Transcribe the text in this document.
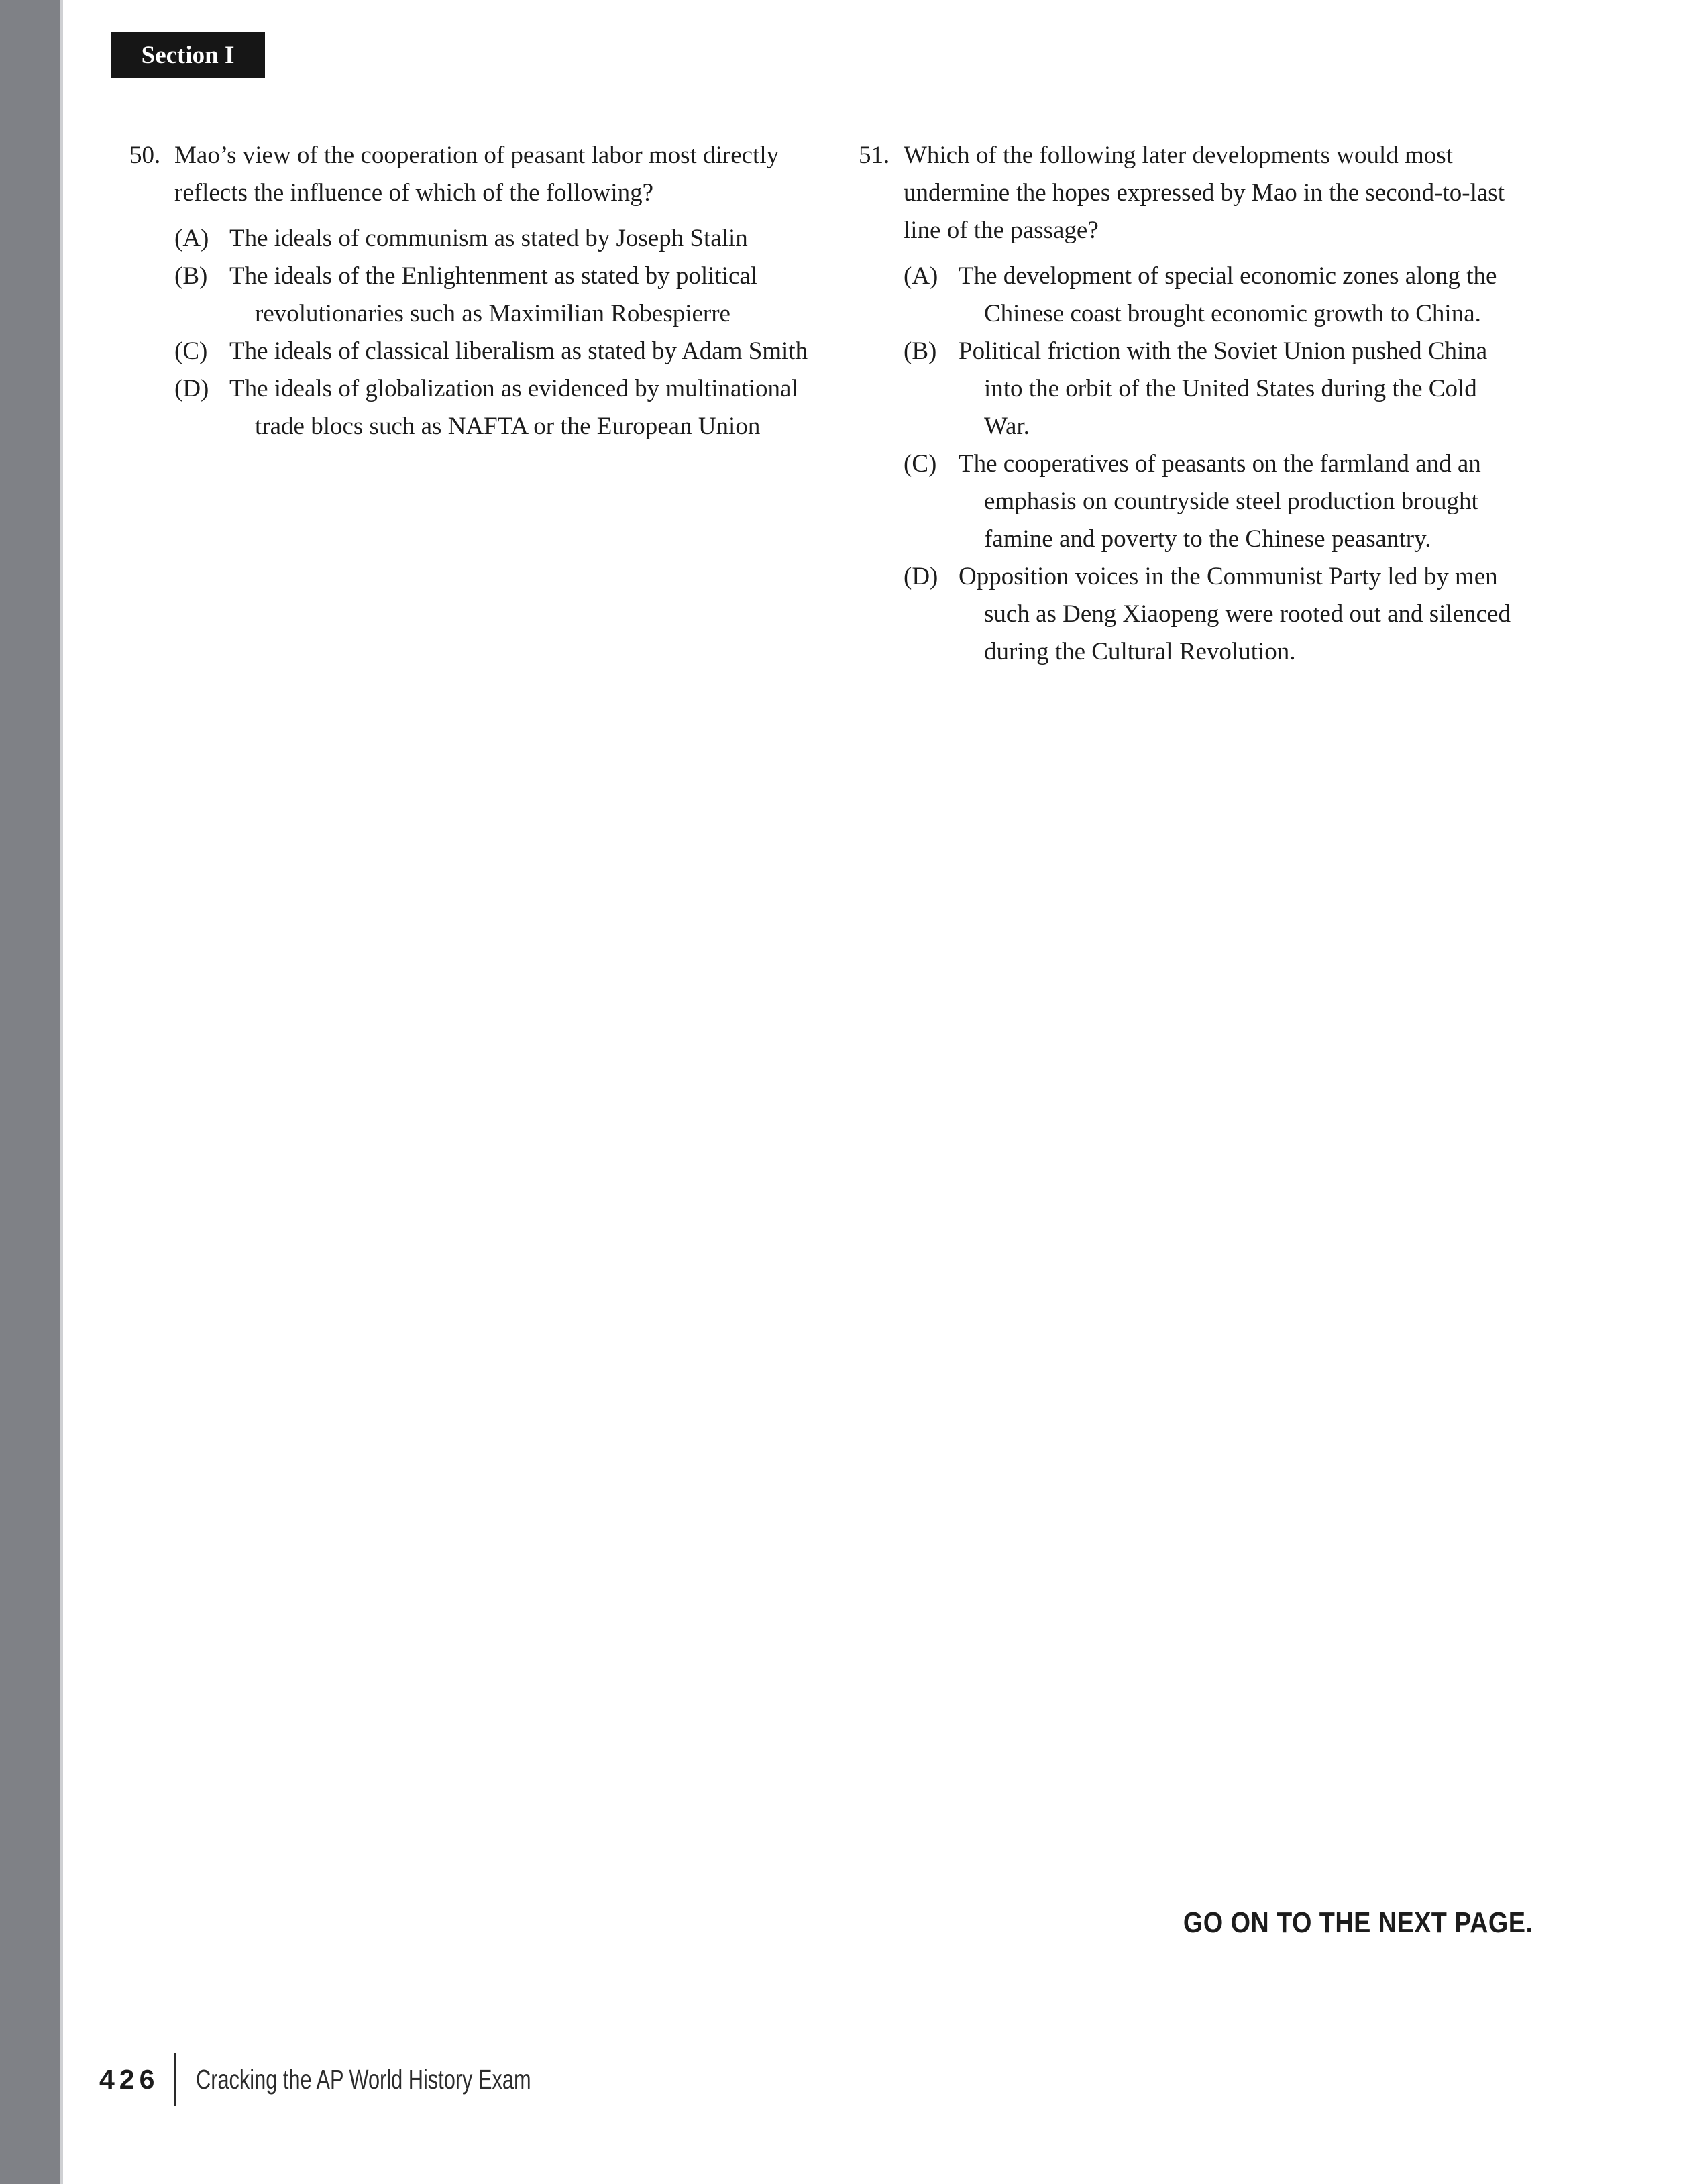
Section I
50. Mao’s view of the cooperation of peasant labor most directly reflects the influence of which of the following?
(A) The ideals of communism as stated by Joseph Stalin
(B) The ideals of the Enlightenment as stated by political revolutionaries such as Maximilian Robespierre
(C) The ideals of classical liberalism as stated by Adam Smith
(D) The ideals of globalization as evidenced by multinational trade blocs such as NAFTA or the European Union
51. Which of the following later developments would most undermine the hopes expressed by Mao in the second-to-last line of the passage?
(A) The development of special economic zones along the Chinese coast brought economic growth to China.
(B) Political friction with the Soviet Union pushed China into the orbit of the United States during the Cold War.
(C) The cooperatives of peasants on the farmland and an emphasis on countryside steel production brought famine and poverty to the Chinese peasantry.
(D) Opposition voices in the Communist Party led by men such as Deng Xiaopeng were rooted out and silenced during the Cultural Revolution.
GO ON TO THE NEXT PAGE.
426 Cracking the AP World History Exam
